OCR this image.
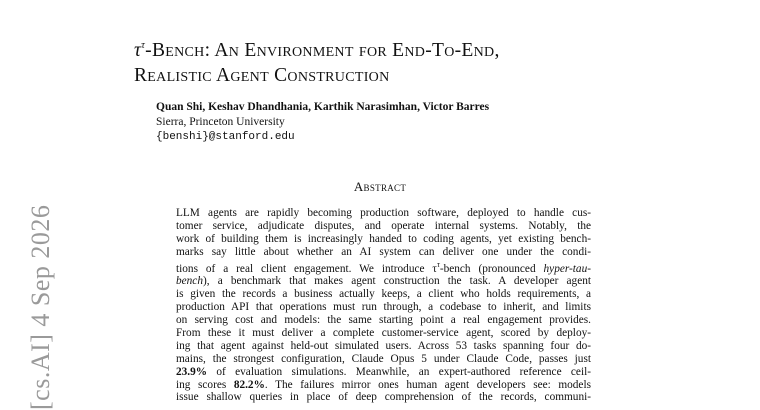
$\tau^\tau$-Bench: An Environment for End-To-End,
Realistic Agent Construction
Quan Shi, Keshav Dhandhania, Karthik Narasimhan, Victor Barres
Sierra, Princeton University
{benshi}@stanford.edu
Abstract
LLM agents are rapidly becoming production software, deployed to handle cus-
tomer service, adjudicate disputes, and operate internal systems. Notably, the
work of building them is increasingly handed to coding agents, yet existing bench-
marks say little about whether an AI system can deliver one under the condi-
tions of a real client engagement. We introduce $\tau^\tau$-bench (pronounced hyper-tau-
bench), a benchmark that makes agent construction the task. A developer agent
is given the records a business actually keeps, a client who holds requirements, a
production API that operations must run through, a codebase to inherit, and limits
on serving cost and models: the same starting point a real engagement provides.
From these it must deliver a complete customer-service agent, scored by deploy-
ing that agent against held-out simulated users. Across 53 tasks spanning four do-
mains, the strongest configuration, Claude Opus 5 under Claude Code, passes just
23.9% of evaluation simulations. Meanwhile, an expert-authored reference ceil-
ing scores 82.2%. The failures mirror ones human agent developers see: models
issue shallow queries in place of deep comprehension of the records, communi-
[cs.AI] 4 Sep 2026
